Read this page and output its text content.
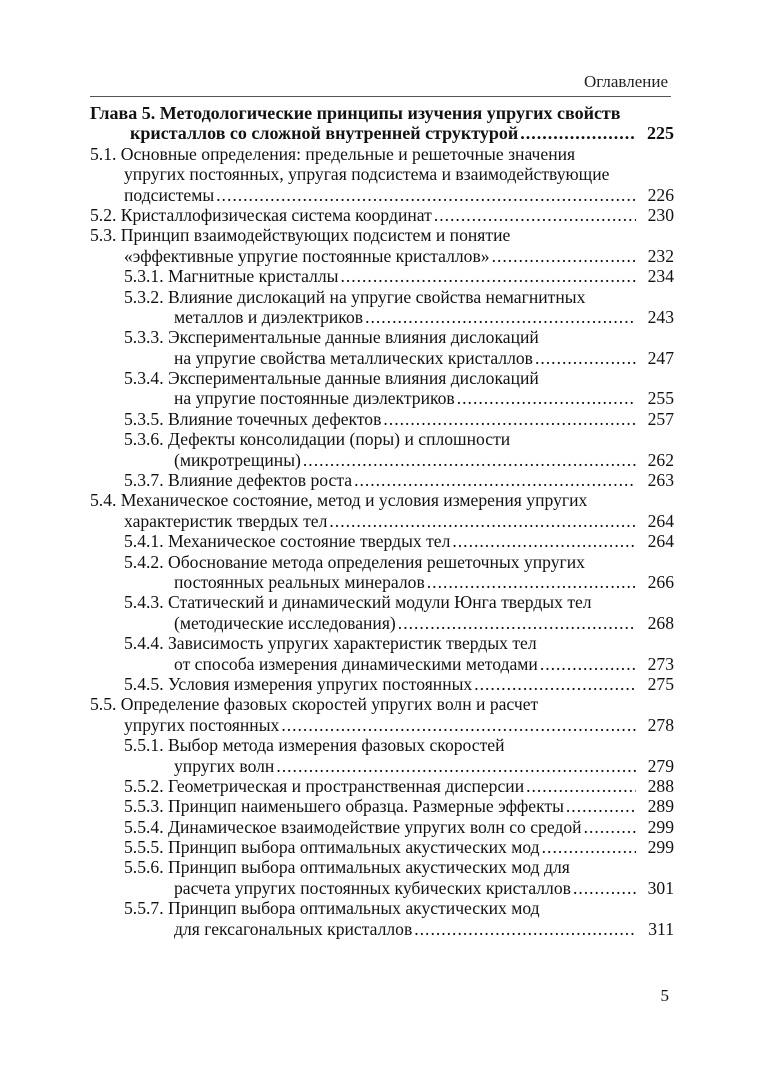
Оглавление
Глава 5. Методологические принципы изучения упругих свойств
кристаллов со сложной внутренней структурой .....	225
5.1. Основные определения: предельные и решеточные значения
упругих постоянных, упругая подсистема и взаимодействующие
подсистемы .....	226
5.2. Кристаллофизическая система координат .....	230
5.3. Принцип взаимодействующих подсистем и понятие
«эффективные упругие постоянные кристаллов» .....	232
5.3.1. Магнитные кристаллы .....	234
5.3.2. Влияние дислокаций на упругие свойства немагнитных
металлов и диэлектриков .....	243
5.3.3. Экспериментальные данные влияния дислокаций
на упругие свойства металлических кристаллов .....	247
5.3.4. Экспериментальные данные влияния дислокаций
на упругие постоянные диэлектриков .....	255
5.3.5. Влияние точечных дефектов .....	257
5.3.6. Дефекты консолидации (поры) и сплошности
(микротрещины) .....	262
5.3.7. Влияние дефектов роста .....	263
5.4. Механическое состояние, метод и условия измерения упругих
характеристик твердых тел .....	264
5.4.1. Механическое состояние твердых тел .....	264
5.4.2. Обоснование метода определения решеточных упругих
постоянных реальных минералов .....	266
5.4.3. Статический и динамический модули Юнга твердых тел
(методические исследования) .....	268
5.4.4. Зависимость упругих характеристик твердых тел
от способа измерения динамическими методами .....	273
5.4.5. Условия измерения упругих постоянных .....	275
5.5. Определение фазовых скоростей упругих волн и расчет
упругих постоянных .....	278
5.5.1. Выбор метода измерения фазовых скоростей
упругих волн .....	279
5.5.2. Геометрическая и пространственная дисперсии .....	288
5.5.3. Принцип наименьшего образца. Размерные эффекты .....	289
5.5.4. Динамическое взаимодействие упругих волн со средой .....	299
5.5.5. Принцип выбора оптимальных акустических мод .....	299
5.5.6. Принцип выбора оптимальных акустических мод для
расчета упругих постоянных кубических кристаллов .....	301
5.5.7. Принцип выбора оптимальных акустических мод
для гексагональных кристаллов .....	311
5
